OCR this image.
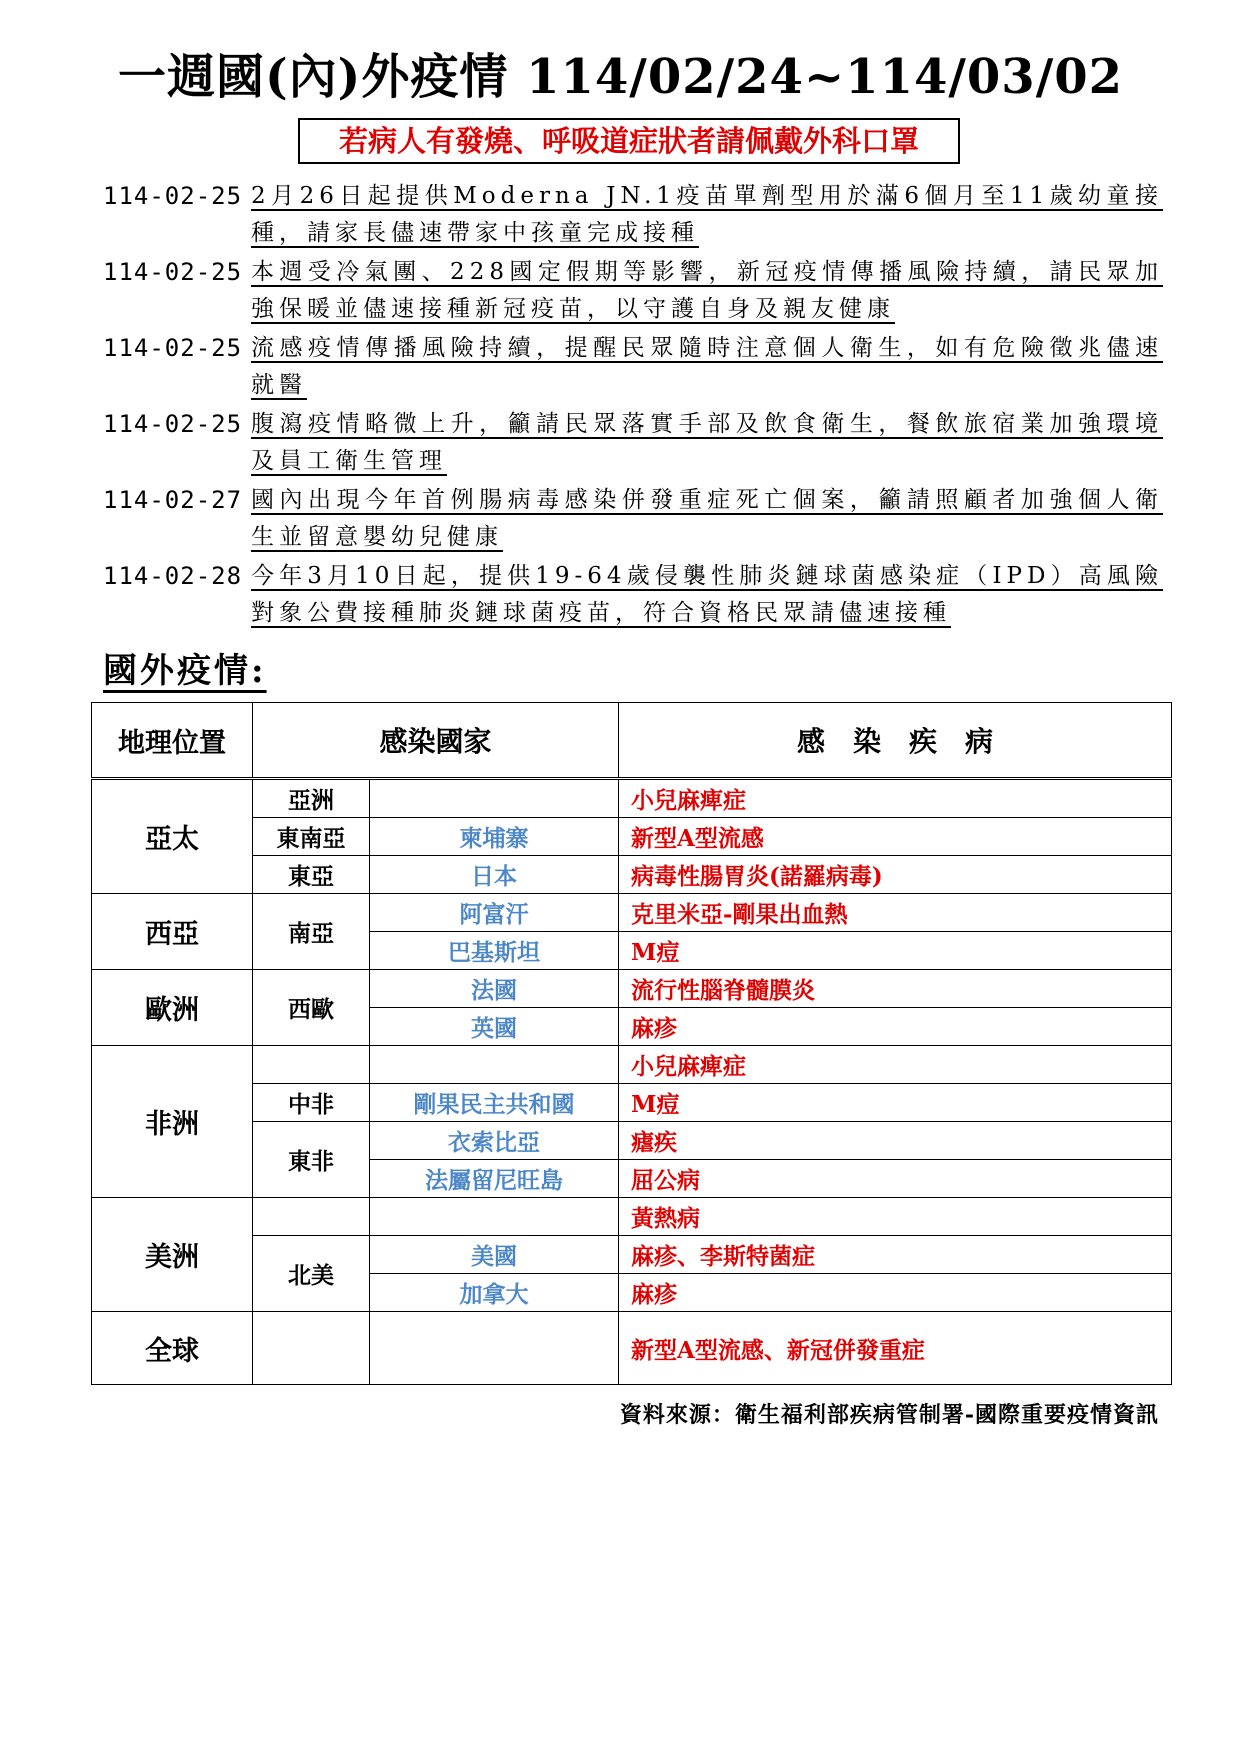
一週國(內)外疫情 114/02/24~114/03/02
若病人有發燒、呼吸道症狀者請佩戴外科口罩
114-02-25 2月26日起提供Moderna JN.1疫苗單劑型用於滿6個月至11歲幼童接種，請家長儘速帶家中孩童完成接種
114-02-25 本週受冷氣團、228國定假期等影響，新冠疫情傳播風險持續，請民眾加強保暖並儘速接種新冠疫苗，以守護自身及親友健康
114-02-25 流感疫情傳播風險持續，提醒民眾隨時注意個人衛生，如有危險徵兆儘速就醫
114-02-25 腹瀉疫情略微上升，籲請民眾落實手部及飲食衛生，餐飲旅宿業加強環境及員工衛生管理
114-02-27 國內出現今年首例腸病毒感染併發重症死亡個案，籲請照顧者加強個人衛生並留意嬰幼兒健康
114-02-28 今年3月10日起，提供19-64歲侵襲性肺炎鏈球菌感染症（IPD）高風險對象公費接種肺炎鏈球菌疫苗，符合資格民眾請儘速接種
國外疫情:
地理位置	感染國家		感　染　疾　病
亞太	亞洲		小兒麻痺症
	東南亞	柬埔寨	新型A型流感
	東亞	日本	病毒性腸胃炎(諾羅病毒)
西亞	南亞	阿富汗	克里米亞-剛果出血熱
		巴基斯坦	M痘
歐洲	西歐	法國	流行性腦脊髓膜炎
		英國	麻疹
非洲			小兒麻痺症
	中非	剛果民主共和國	M痘
	東非	衣索比亞	瘧疾
		法屬留尼旺島	屈公病
美洲			黃熱病
	北美	美國	麻疹、李斯特菌症
		加拿大	麻疹
全球			新型A型流感、新冠併發重症
資料來源：衛生福利部疾病管制署-國際重要疫情資訊
